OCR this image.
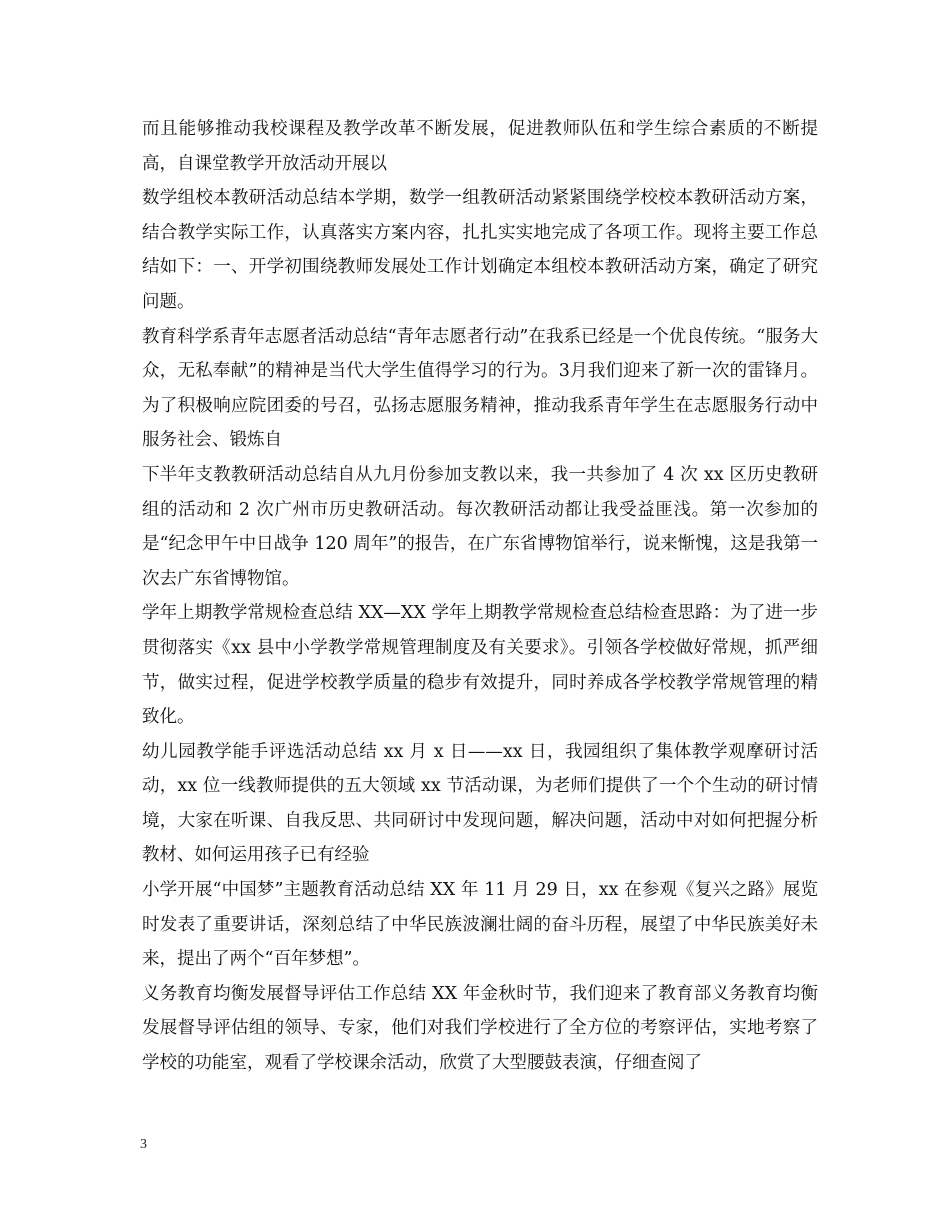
而且能够推动我校课程及教学改革不断发展，促进教师队伍和学生综合素质的不断提高，自课堂教学开放活动开展以

数学组校本教研活动总结本学期，数学一组教研活动紧紧围绕学校校本教研活动方案，结合教学实际工作，认真落实方案内容，扎扎实实地完成了各项工作。现将主要工作总结如下：一、开学初围绕教师发展处工作计划确定本组校本教研活动方案，确定了研究问题。

教育科学系青年志愿者活动总结“青年志愿者行动”在我系已经是一个优良传统。“服务大众，无私奉献”的精神是当代大学生值得学习的行为。3月我们迎来了新一次的雷锋月。为了积极响应院团委的号召，弘扬志愿服务精神，推动我系青年学生在志愿服务行动中服务社会、锻炼自

下半年支教教研活动总结自从九月份参加支教以来，我一共参加了 4 次 xx 区历史教研组的活动和 2 次广州市历史教研活动。每次教研活动都让我受益匪浅。第一次参加的是“纪念甲午中日战争 120 周年”的报告，在广东省博物馆举行，说来惭愧，这是我第一次去广东省博物馆。

学年上期教学常规检查总结 XX—XX 学年上期教学常规检查总结检查思路：为了进一步贯彻落实《xx 县中小学教学常规管理制度及有关要求》。引领各学校做好常规，抓严细节，做实过程，促进学校教学质量的稳步有效提升，同时养成各学校教学常规管理的精致化。

幼儿园教学能手评选活动总结 xx 月 x 日——xx 日，我园组织了集体教学观摩研讨活动，xx 位一线教师提供的五大领域 xx 节活动课，为老师们提供了一个个生动的研讨情境，大家在听课、自我反思、共同研讨中发现问题，解决问题，活动中对如何把握分析教材、如何运用孩子已有经验

小学开展“中国梦”主题教育活动总结 XX 年 11 月 29 日，xx 在参观《复兴之路》展览时发表了重要讲话，深刻总结了中华民族波澜壮阔的奋斗历程，展望了中华民族美好未来，提出了两个“百年梦想”。

义务教育均衡发展督导评估工作总结 XX 年金秋时节，我们迎来了教育部义务教育均衡发展督导评估组的领导、专家，他们对我们学校进行了全方位的考察评估，实地考察了学校的功能室，观看了学校课余活动，欣赏了大型腰鼓表演，仔细查阅了

3
